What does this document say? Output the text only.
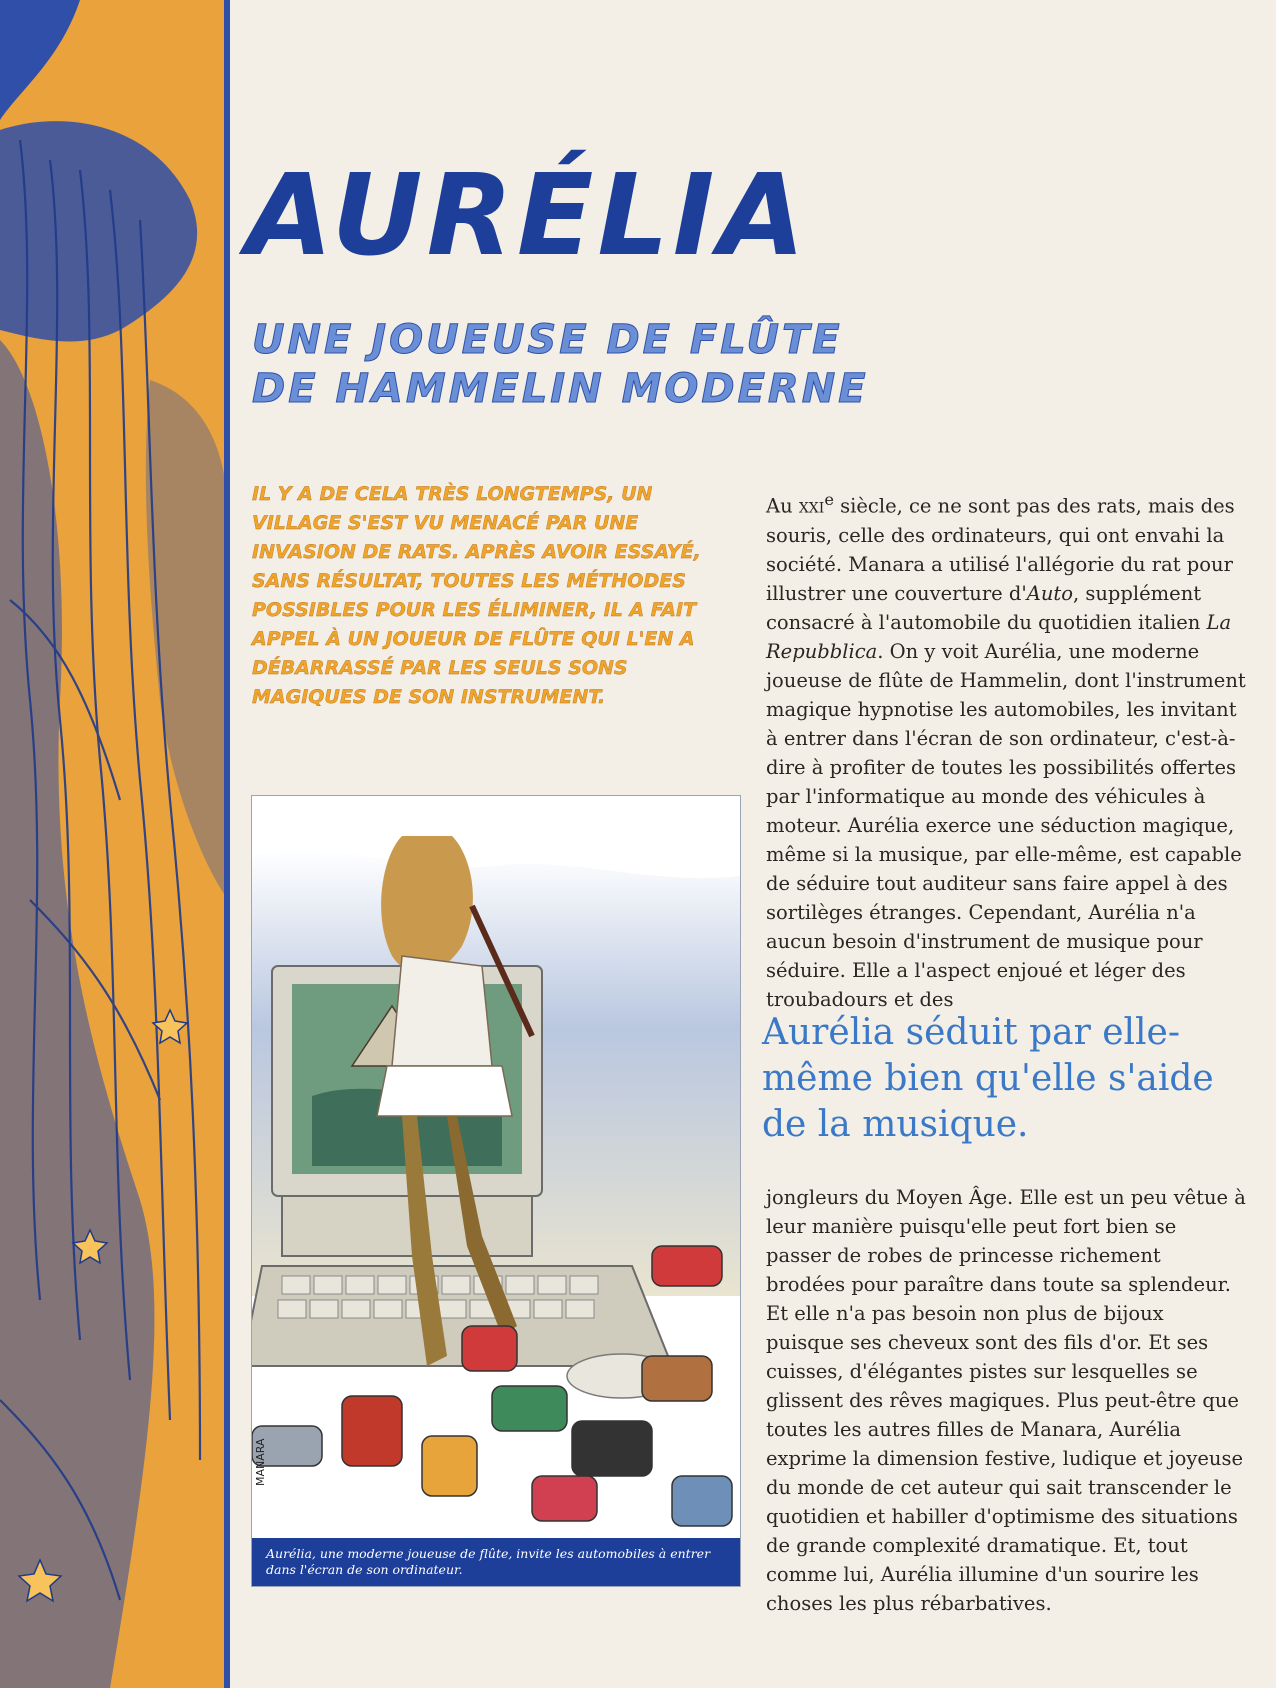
AURÉLIA
UNE JOUEUSE DE FLÛTE
DE HAMMELIN MODERNE

IL Y A DE CELA TRÈS LONGTEMPS, UN VILLAGE S'EST VU MENACÉ PAR UNE INVASION DE RATS. APRÈS AVOIR ESSAYÉ, SANS RÉSULTAT, TOUTES LES MÉTHODES POSSIBLES POUR LES ÉLIMINER, IL A FAIT APPEL À UN JOUEUR DE FLÛTE QUI L'EN A DÉBARRASSÉ PAR LES SEULS SONS MAGIQUES DE SON INSTRUMENT.

MANARA
Aurélia, une moderne joueuse de flûte, invite les automobiles à entrer dans l'écran de son ordinateur.

Au xxi$^e$ siècle, ce ne sont pas des rats, mais des souris, celle des ordinateurs, qui ont envahi la société. Manara a utilisé l'allégorie du rat pour illustrer une couverture d'Auto, supplément consacré à l'automobile du quotidien italien La Repubblica. On y voit Aurélia, une moderne joueuse de flûte de Hammelin, dont l'instrument magique hypnotise les automobiles, les invitant à entrer dans l'écran de son ordinateur, c'est-à-dire à profiter de toutes les possibilités offertes par l'informatique au monde des véhicules à moteur. Aurélia exerce une séduction magique, même si la musique, par elle-même, est capable de séduire tout auditeur sans faire appel à des sortilèges étranges. Cependant, Aurélia n'a aucun besoin d'instrument de musique pour séduire. Elle a l'aspect enjoué et léger des troubadours et des

Aurélia séduit par elle-même bien qu'elle s'aide de la musique.

jongleurs du Moyen Âge. Elle est un peu vêtue à leur manière puisqu'elle peut fort bien se passer de robes de princesse richement brodées pour paraître dans toute sa splendeur. Et elle n'a pas besoin non plus de bijoux puisque ses cheveux sont des fils d'or. Et ses cuisses, d'élégantes pistes sur lesquelles se glissent des rêves magiques. Plus peut-être que toutes les autres filles de Manara, Aurélia exprime la dimension festive, ludique et joyeuse du monde de cet auteur qui sait transcender le quotidien et habiller d'optimisme des situations de grande complexité dramatique. Et, tout comme lui, Aurélia illumine d'un sourire les choses les plus rébarbatives.
